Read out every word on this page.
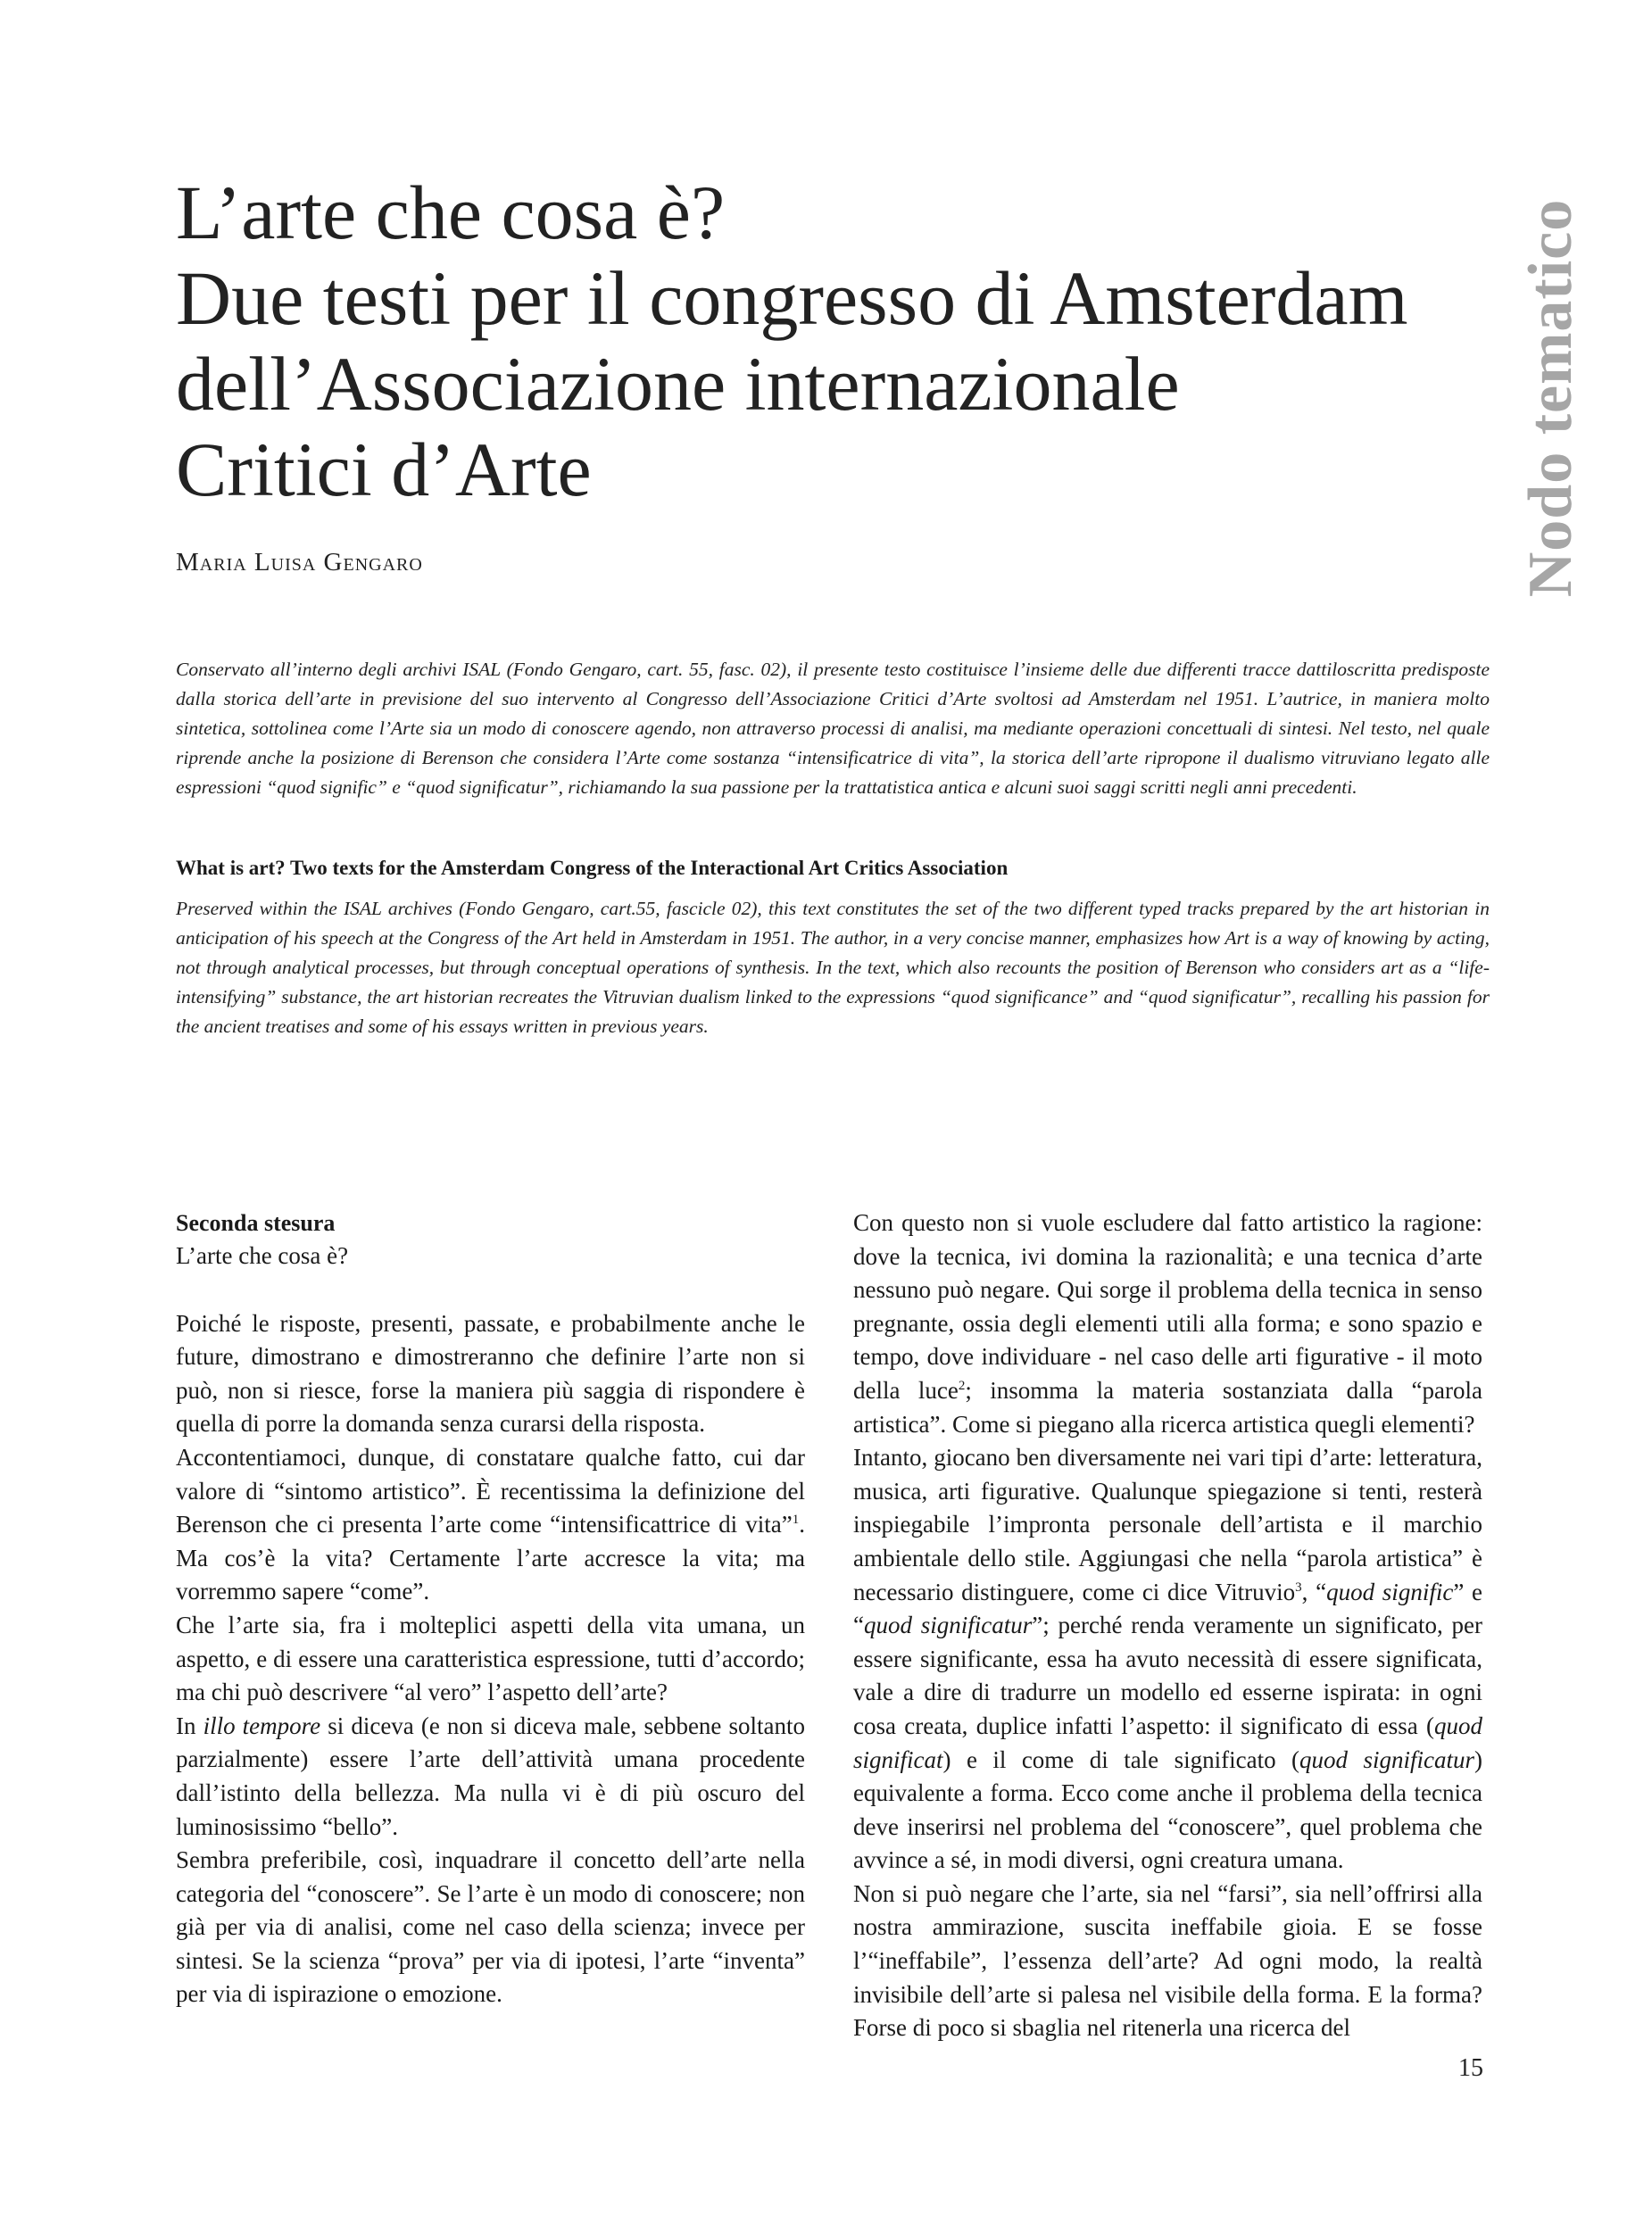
Nodo tematico
L’arte che cosa è?
Due testi per il congresso di Amsterdam
dell’Associazione internazionale
Critici d’Arte
Maria Luisa Gengaro
Conservato all’interno degli archivi ISAL (Fondo Gengaro, cart. 55, fasc. 02), il presente testo costituisce l’insieme delle due differenti tracce dattiloscritta predisposte dalla storica dell’arte in previsione del suo intervento al Congresso dell’Associazione Critici d’Arte svoltosi ad Amsterdam nel 1951. L’autrice, in maniera molto sintetica, sottolinea come l’Arte sia un modo di conoscere agendo, non attraverso processi di analisi, ma mediante operazioni concettuali di sintesi. Nel testo, nel quale riprende anche la posizione di Berenson che considera l’Arte come sostanza “intensificatrice di vita”, la storica dell’arte ripropone il dualismo vitruviano legato alle espressioni “quod signific” e “quod significatur”, richiamando la sua passione per la trattatistica antica e alcuni suoi saggi scritti negli anni precedenti.
What is art? Two texts for the Amsterdam Congress of the Interactional Art Critics Association
Preserved within the ISAL archives (Fondo Gengaro, cart.55, fascicle 02), this text constitutes the set of the two different typed tracks prepared by the art historian in anticipation of his speech at the Congress of the Art held in Amsterdam in 1951. The author, in a very concise manner, emphasizes how Art is a way of knowing by acting, not through analytical processes, but through conceptual operations of synthesis. In the text, which also recounts the position of Berenson who considers art as a “life-intensifying” substance, the art historian recreates the Vitruvian dualism linked to the expressions “quod significance” and “quod significatur”, recalling his passion for the ancient treatises and some of his essays written in previous years.

Seconda stesura

L’arte che cosa è?

Poiché le risposte, presenti, passate, e probabilmente anche le future, dimostrano e dimostreranno che definire l’arte non si può, non si riesce, forse la maniera più saggia di rispondere è quella di porre la domanda senza curarsi della risposta.

Accontentiamoci, dunque, di constatare qualche fatto, cui dar valore di “sintomo artistico”. È recentissima la definizione del Berenson che ci presenta l’arte come “intensificattrice di vita”$^1$. Ma cos’è la vita? Certamente l’arte accresce la vita; ma vorremmo sapere “come”.

Che l’arte sia, fra i molteplici aspetti della vita umana, un aspetto, e di essere una caratteristica espressione, tutti d’accordo; ma chi può descrivere “al vero” l’aspetto dell’arte?

In illo tempore si diceva (e non si diceva male, sebbene soltanto parzialmente) essere l’arte dell’attività umana procedente dall’istinto della bellezza. Ma nulla vi è di più oscuro del luminosissimo “bello”.

Sembra preferibile, così, inquadrare il concetto dell’arte nella categoria del “conoscere”. Se l’arte è un modo di conoscere; non già per via di analisi, come nel caso della scienza; invece per sintesi. Se la scienza “prova” per via di ipotesi, l’arte “inventa” per via di ispirazione o emozione.

Con questo non si vuole escludere dal fatto artistico la ragione: dove la tecnica, ivi domina la razionalità; e una tecnica d’arte nessuno può negare. Qui sorge il problema della tecnica in senso pregnante, ossia degli elementi utili alla forma; e sono spazio e tempo, dove individuare - nel caso delle arti figurative - il moto della luce$^2$; insomma la materia sostanziata dalla “parola artistica”. Come si piegano alla ricerca artistica quegli elementi?

Intanto, giocano ben diversamente nei vari tipi d’arte: letteratura, musica, arti figurative. Qualunque spiegazione si tenti, resterà inspiegabile l’impronta personale dell’artista e il marchio ambientale dello stile. Aggiungasi che nella “parola artistica” è necessario distinguere, come ci dice Vitruvio$^3$, “quod signific” e “quod significatur”; perché renda veramente un significato, per essere significante, essa ha avuto necessità di essere significata, vale a dire di tradurre un modello ed esserne ispirata: in ogni cosa creata, duplice infatti l’aspetto: il significato di essa (quod significat) e il come di tale significato (quod significatur) equivalente a forma. Ecco come anche il problema della tecnica deve inserirsi nel problema del “conoscere”, quel problema che avvince a sé, in modi diversi, ogni creatura umana.

Non si può negare che l’arte, sia nel “farsi”, sia nell’offrirsi alla nostra ammirazione, suscita ineffabile gioia. E se fosse l’“ineffabile”, l’essenza dell’arte? Ad ogni modo, la realtà invisibile dell’arte si palesa nel visibile della forma. E la forma? Forse di poco si sbaglia nel ritenerla una ricerca del

15
